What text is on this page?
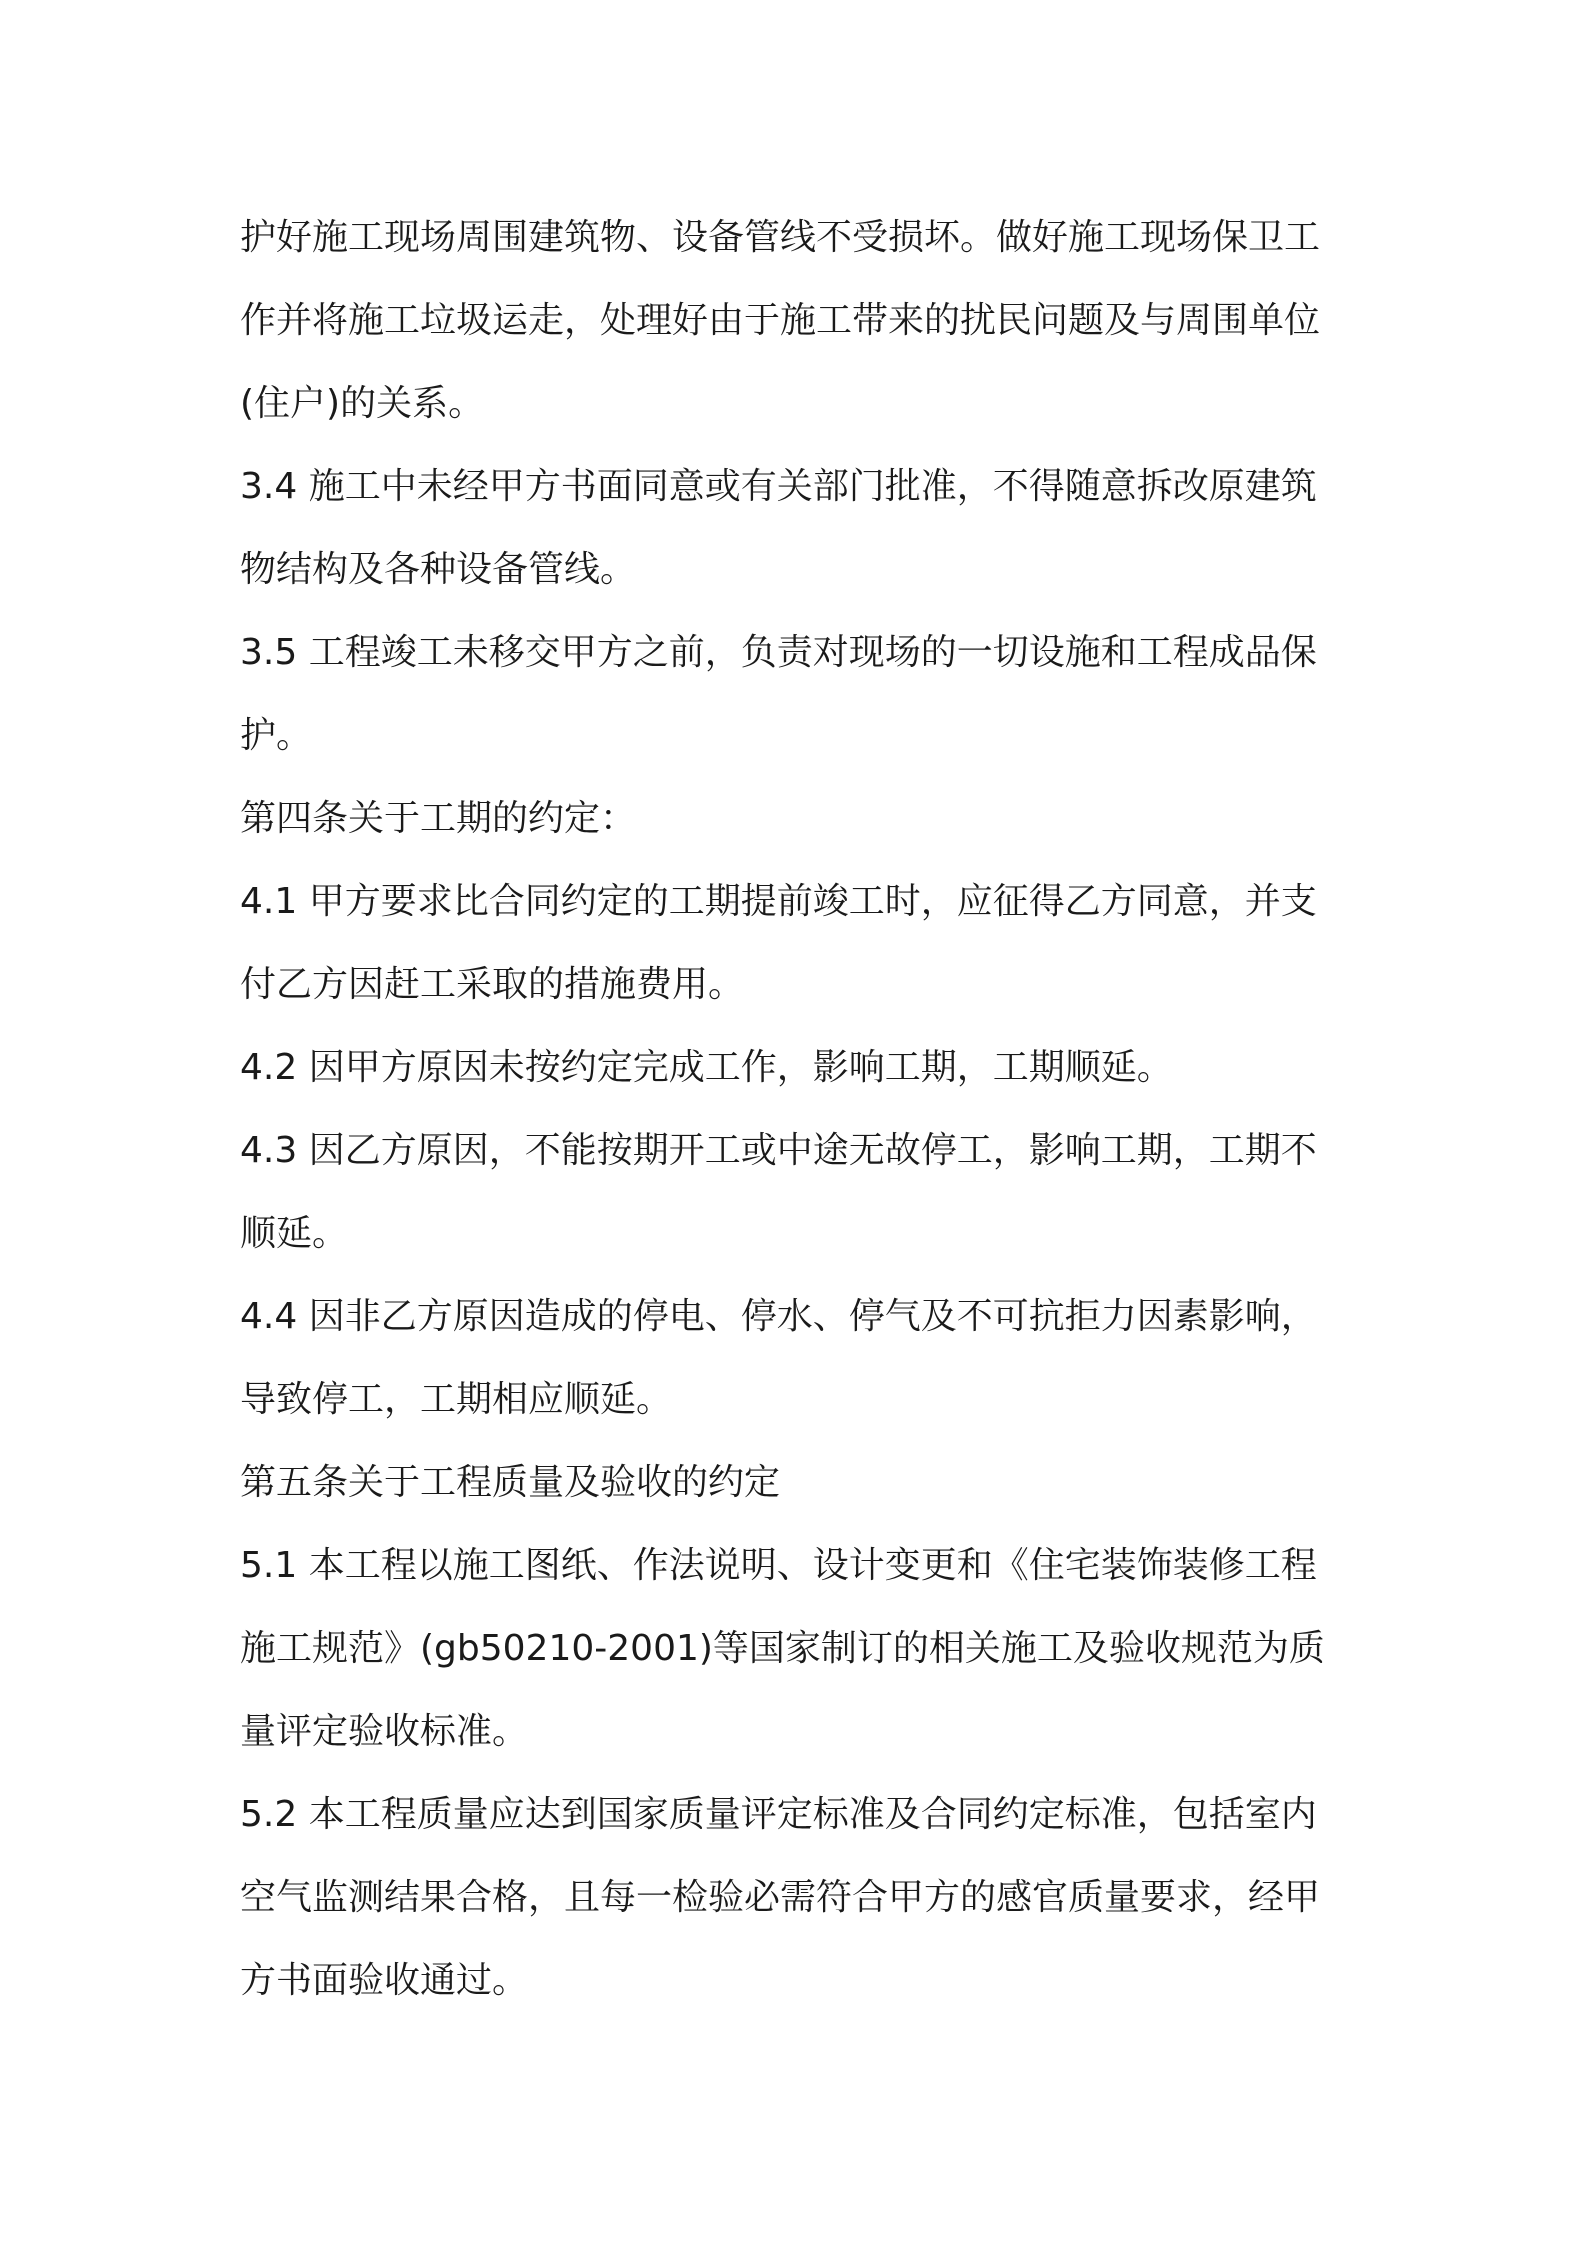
护好施工现场周围建筑物、设备管线不受损坏。做好施工现场保卫工
作并将施工垃圾运走，处理好由于施工带来的扰民问题及与周围单位
(住户)的关系。

3.4 施工中未经甲方书面同意或有关部门批准，不得随意拆改原建筑
物结构及各种设备管线。

3.5 工程竣工未移交甲方之前，负责对现场的一切设施和工程成品保
护。

第四条关于工期的约定：

4.1 甲方要求比合同约定的工期提前竣工时，应征得乙方同意，并支
付乙方因赶工采取的措施费用。

4.2 因甲方原因未按约定完成工作，影响工期，工期顺延。

4.3 因乙方原因，不能按期开工或中途无故停工，影响工期，工期不
顺延。

4.4 因非乙方原因造成的停电、停水、停气及不可抗拒力因素影响，
导致停工，工期相应顺延。

第五条关于工程质量及验收的约定

5.1 本工程以施工图纸、作法说明、设计变更和《住宅装饰装修工程
施工规范》(gb50210-2001)等国家制订的相关施工及验收规范为质
量评定验收标准。

5.2 本工程质量应达到国家质量评定标准及合同约定标准，包括室内
空气监测结果合格，且每一检验必需符合甲方的感官质量要求，经甲
方书面验收通过。
